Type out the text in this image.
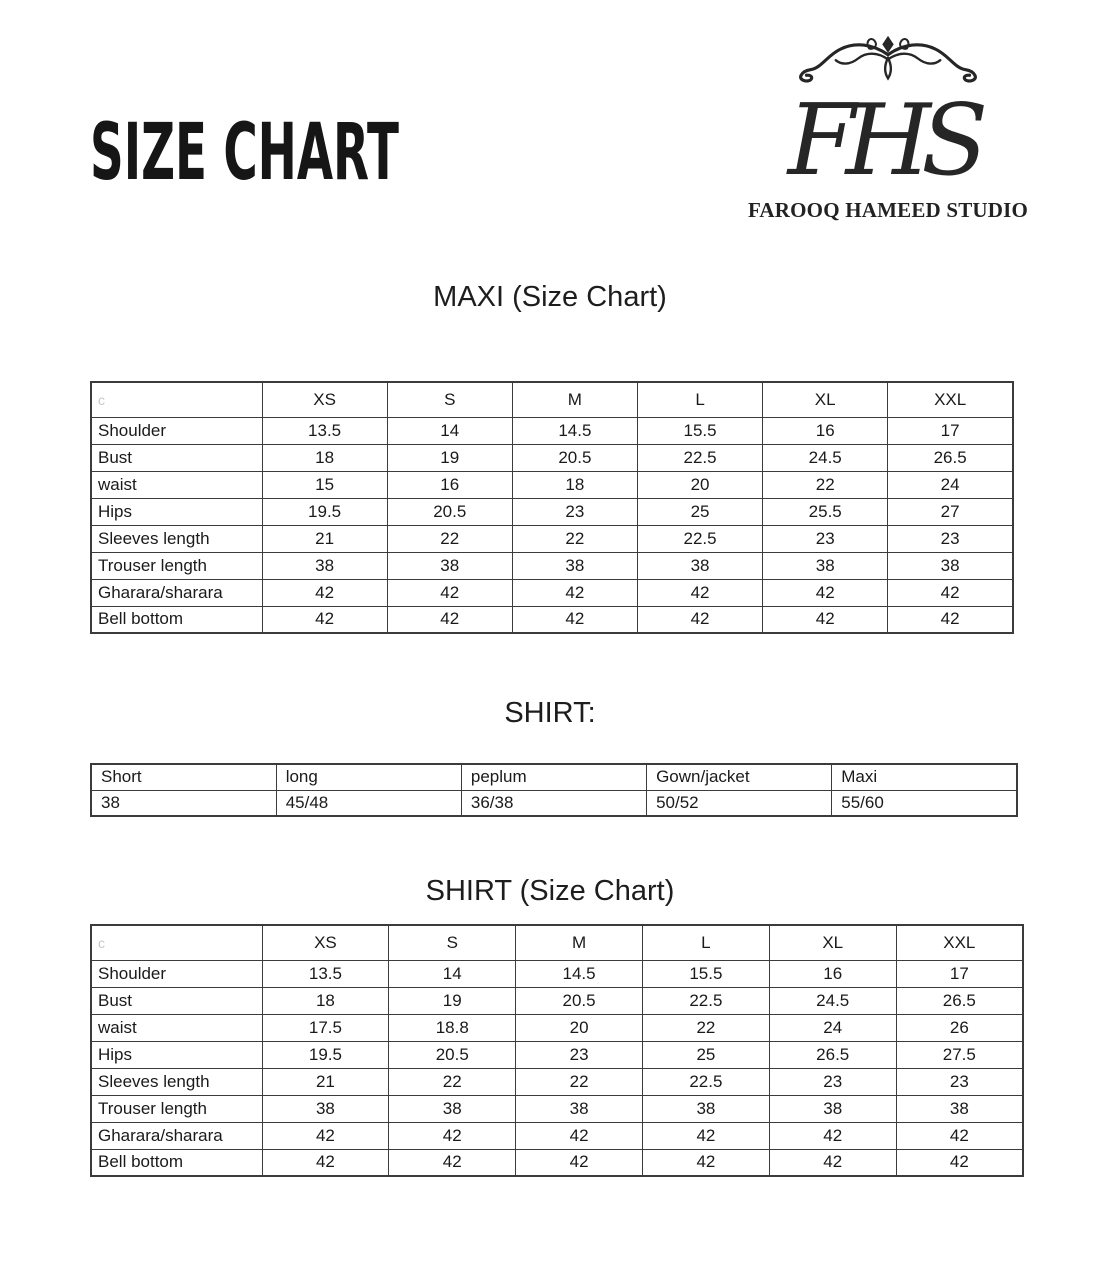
SIZE CHART	FHS
FAROOQ HAMEED STUDIO
MAXI (Size Chart)
c	XS	S	M	L	XL	XXL
Shoulder	13.5	14	14.5	15.5	16	17
Bust	18	19	20.5	22.5	24.5	26.5
waist	15	16	18	20	22	24
Hips	19.5	20.5	23	25	25.5	27
Sleeves length	21	22	22	22.5	23	23
Trouser length	38	38	38	38	38	38
Gharara/sharara	42	42	42	42	42	42
Bell bottom	42	42	42	42	42	42
SHIRT:
Short	long	peplum	Gown/jacket	Maxi
38	45/48	36/38	50/52	55/60
SHIRT (Size Chart)
c	XS	S	M	L	XL	XXL
Shoulder	13.5	14	14.5	15.5	16	17
Bust	18	19	20.5	22.5	24.5	26.5
waist	17.5	18.8	20	22	24	26
Hips	19.5	20.5	23	25	26.5	27.5
Sleeves length	21	22	22	22.5	23	23
Trouser length	38	38	38	38	38	38
Gharara/sharara	42	42	42	42	42	42
Bell bottom	42	42	42	42	42	42
